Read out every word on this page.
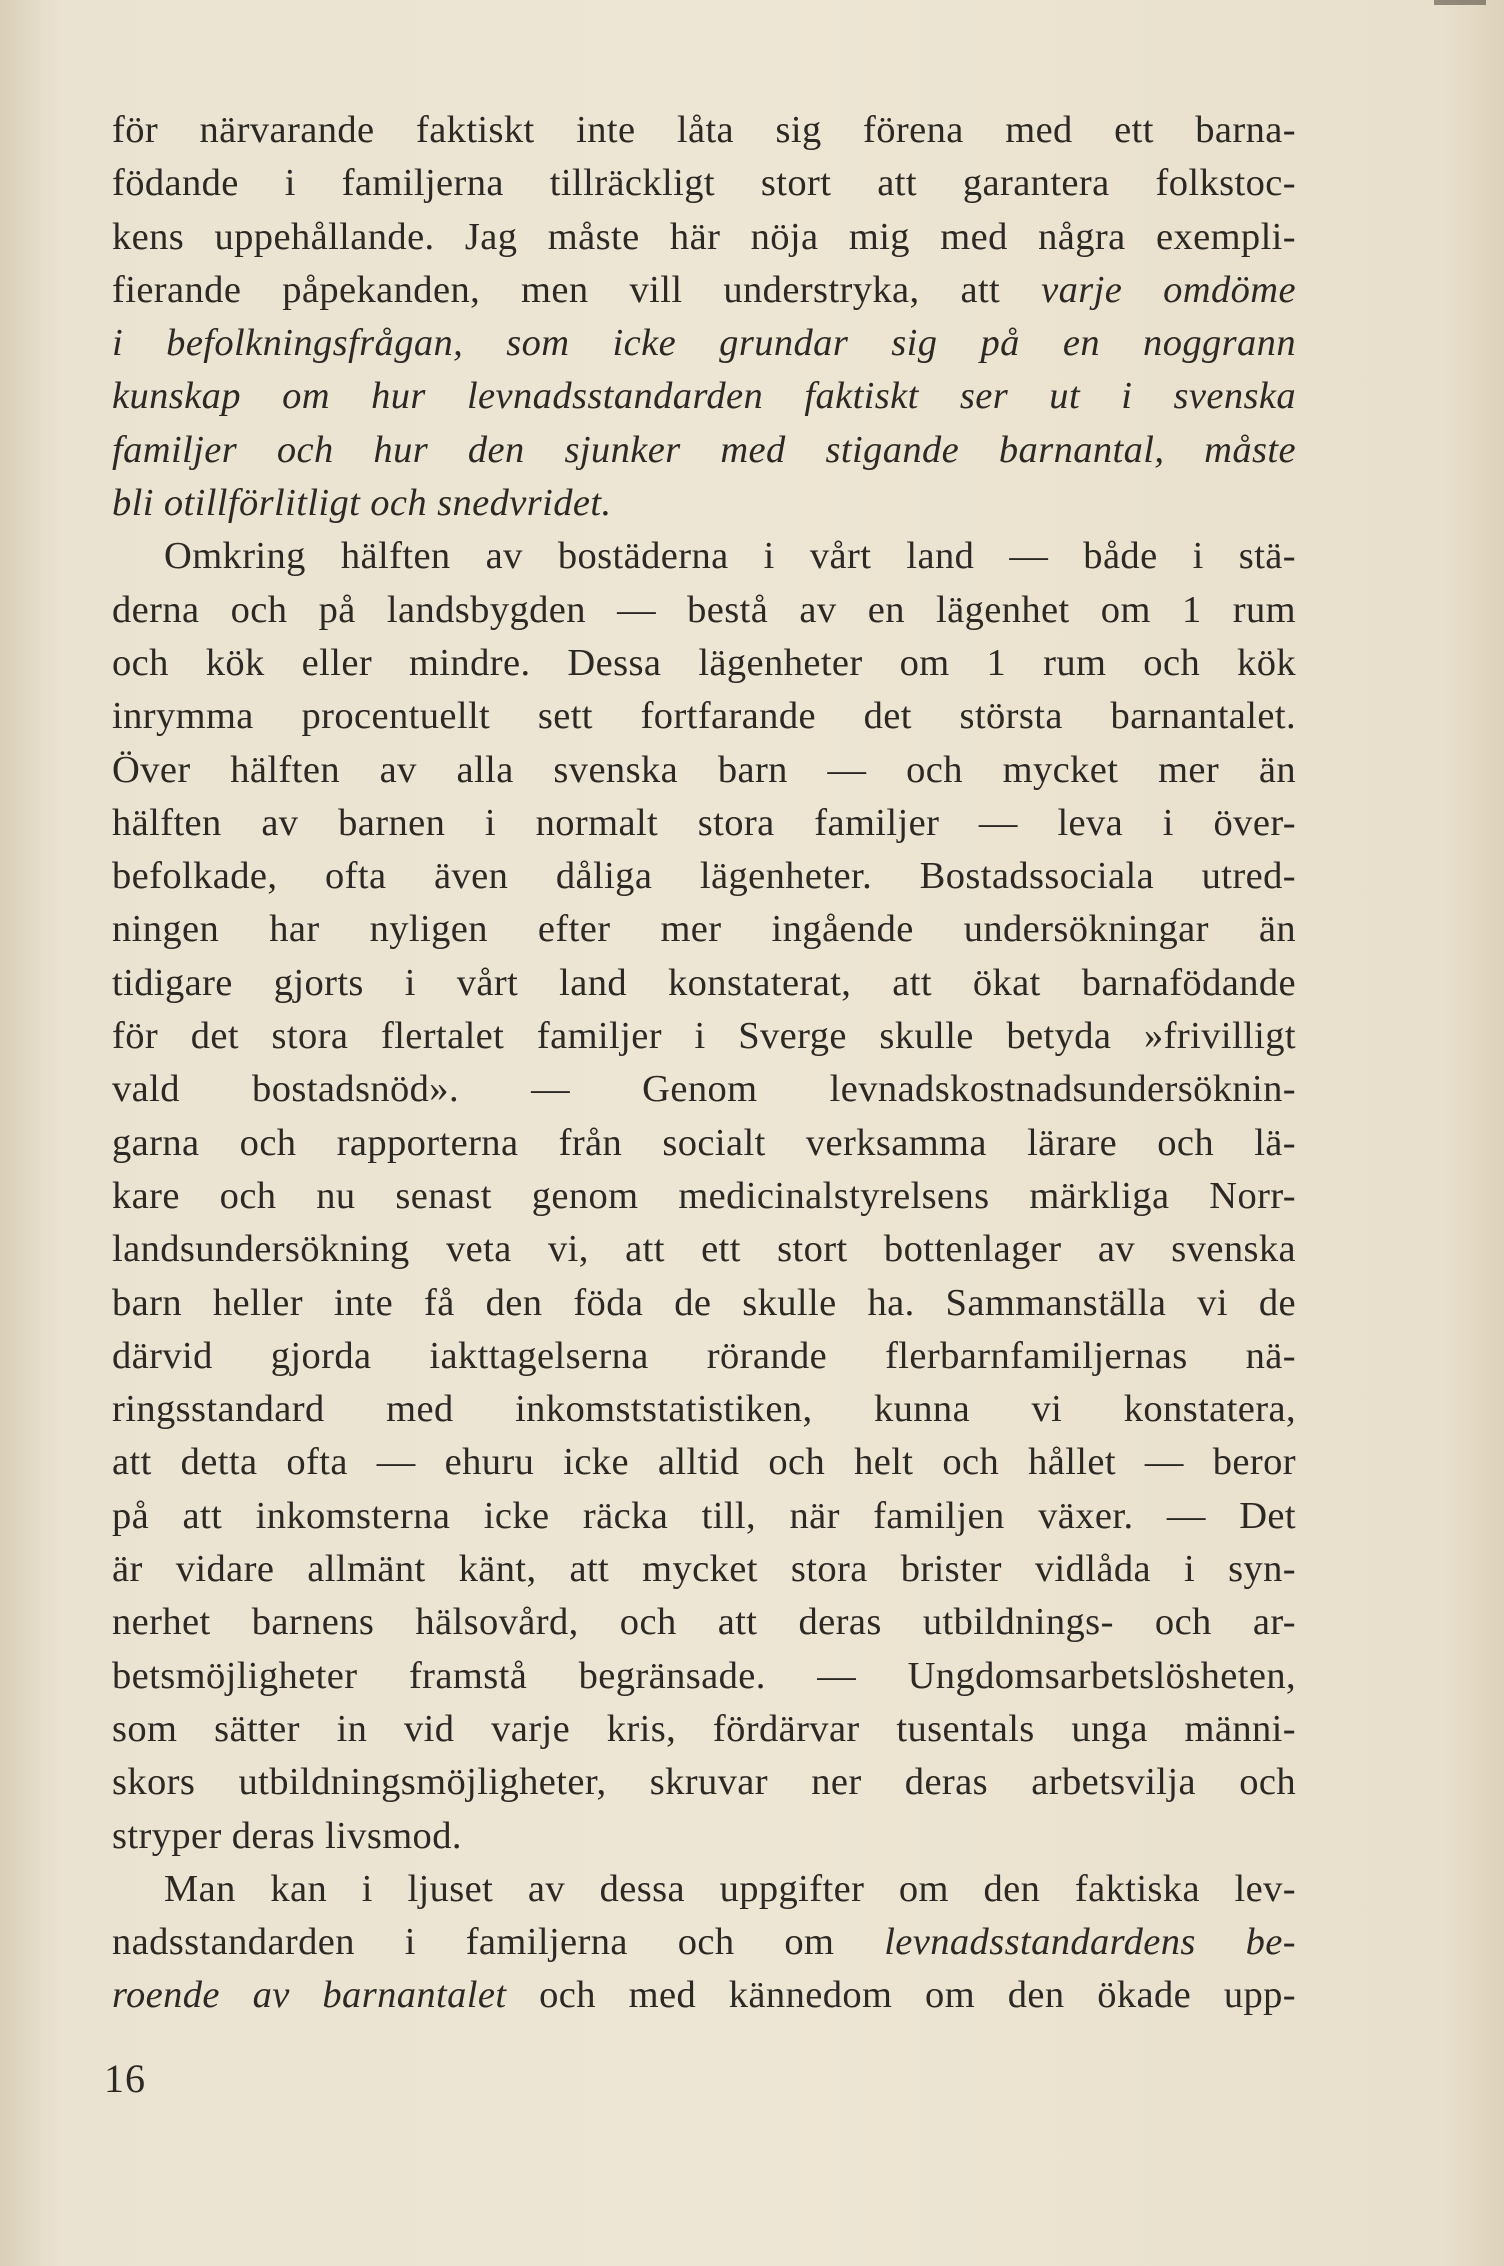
för närvarande faktiskt inte låta sig förena med ett barna-
födande i familjerna tillräckligt stort att garantera folkstoc-
kens uppehållande. Jag måste här nöja mig med några exempli-
fierande påpekanden, men vill understryka, att varje omdöme
i befolkningsfrågan, som icke grundar sig på en noggrann
kunskap om hur levnadsstandarden faktiskt ser ut i svenska
familjer och hur den sjunker med stigande barnantal, måste
bli otillförlitligt och snedvridet.
Omkring hälften av bostäderna i vårt land — både i stä-
derna och på landsbygden — bestå av en lägenhet om 1 rum
och kök eller mindre. Dessa lägenheter om 1 rum och kök
inrymma procentuellt sett fortfarande det största barnantalet.
Över hälften av alla svenska barn — och mycket mer än
hälften av barnen i normalt stora familjer — leva i över-
befolkade, ofta även dåliga lägenheter. Bostadssociala utred-
ningen har nyligen efter mer ingående undersökningar än
tidigare gjorts i vårt land konstaterat, att ökat barnafödande
för det stora flertalet familjer i Sverge skulle betyda »frivilligt
vald bostadsnöd». — Genom levnadskostnadsundersöknin-
garna och rapporterna från socialt verksamma lärare och lä-
kare och nu senast genom medicinalstyrelsens märkliga Norr-
landsundersökning veta vi, att ett stort bottenlager av svenska
barn heller inte få den föda de skulle ha. Sammanställa vi de
därvid gjorda iakttagelserna rörande flerbarnfamiljernas nä-
ringsstandard med inkomststatistiken, kunna vi konstatera,
att detta ofta — ehuru icke alltid och helt och hållet — beror
på att inkomsterna icke räcka till, när familjen växer. — Det
är vidare allmänt känt, att mycket stora brister vidlåda i syn-
nerhet barnens hälsovård, och att deras utbildnings- och ar-
betsmöjligheter framstå begränsade. — Ungdomsarbetslösheten,
som sätter in vid varje kris, fördärvar tusentals unga männi-
skors utbildningsmöjligheter, skruvar ner deras arbetsvilja och
stryper deras livsmod.
Man kan i ljuset av dessa uppgifter om den faktiska lev-
nadsstandarden i familjerna och om levnadsstandardens be-
roende av barnantalet och med kännedom om den ökade upp-
16
